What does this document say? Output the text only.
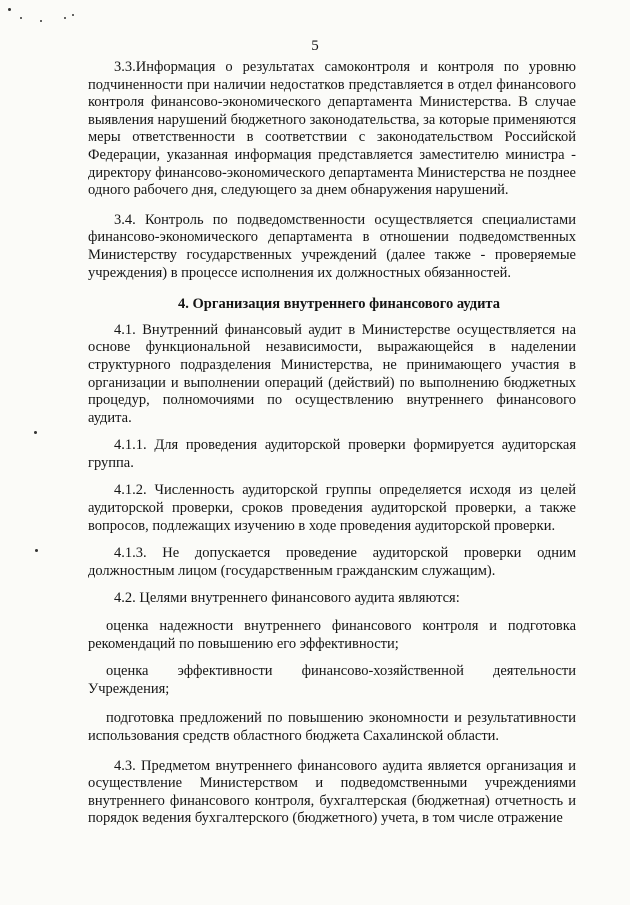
5

3.3.Информация о результатах самоконтроля и контроля по уровню подчиненности при наличии недостатков представляется в отдел финансового контроля финансово-экономического департамента Министерства. В случае выявления нарушений бюджетного законодательства, за которые применяются меры ответственности в соответствии с законодательством Российской Федерации, указанная информация представляется заместителю министра - директору финансово-экономического департамента Министерства не позднее одного рабочего дня, следующего за днем обнаружения нарушений.

3.4. Контроль по подведомственности осуществляется специалистами финансово-экономического департамента в отношении подведомственных Министерству государственных учреждений (далее также - проверяемые учреждения) в процессе исполнения их должностных обязанностей.

4. Организация внутреннего финансового аудита

4.1. Внутренний финансовый аудит в Министерстве осуществляется на основе функциональной независимости, выражающейся в наделении структурного подразделения Министерства, не принимающего участия в организации и выполнении операций (действий) по выполнению бюджетных процедур, полномочиями по осуществлению внутреннего финансового аудита.

4.1.1. Для проведения аудиторской проверки формируется аудиторская группа.

4.1.2. Численность аудиторской группы определяется исходя из целей аудиторской проверки, сроков проведения аудиторской проверки, а также вопросов, подлежащих изучению в ходе проведения аудиторской проверки.

4.1.3. Не допускается проведение аудиторской проверки одним должностным лицом (государственным гражданским служащим).

4.2. Целями внутреннего финансового аудита являются:

оценка надежности внутреннего финансового контроля и подготовка рекомендаций по повышению его эффективности;

оценка эффективности финансово-хозяйственной деятельности Учреждения;

подготовка предложений по повышению экономности и результативности использования средств областного бюджета Сахалинской области.

4.3. Предметом внутреннего финансового аудита является организация и осуществление Министерством и подведомственными учреждениями внутреннего финансового контроля, бухгалтерская (бюджетная) отчетность и порядок ведения бухгалтерского (бюджетного) учета, в том числе отражение
